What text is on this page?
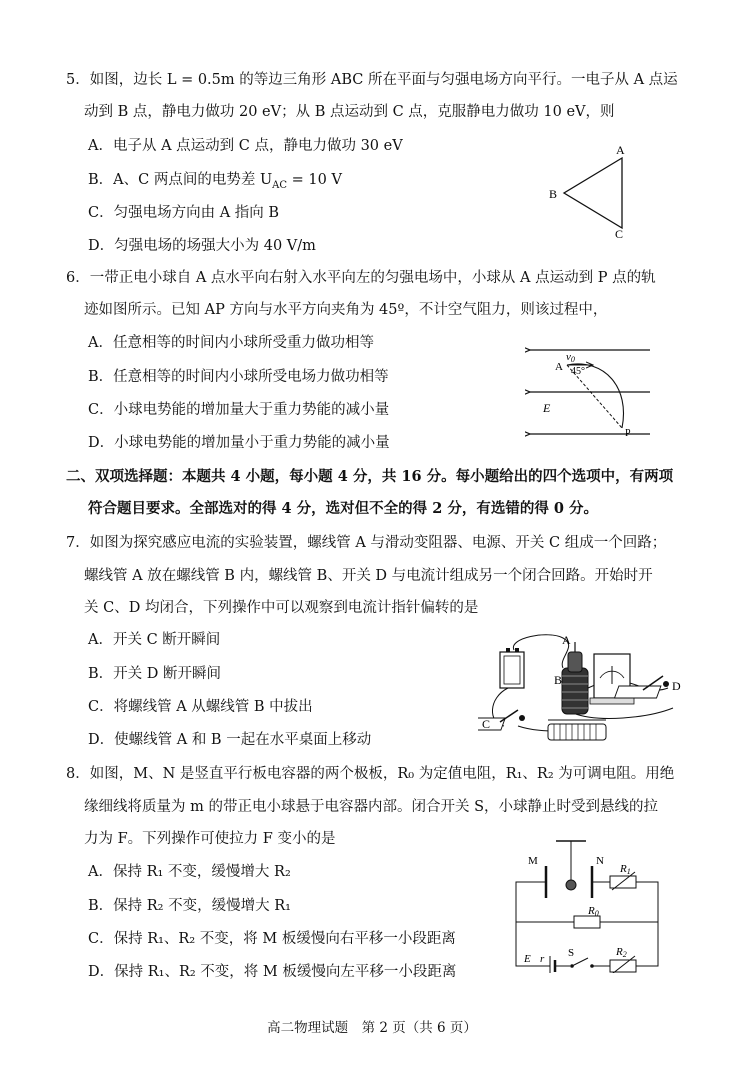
5．如图，边长 L = 0.5m 的等边三角形 ABC 所在平面与匀强电场方向平行。一电子从 A 点运
动到 B 点，静电力做功 20 eV；从 B 点运动到 C 点，克服静电力做功 10 eV，则
A．电子从 A 点运动到 C 点，静电力做功 30 eV
B．A、C 两点间的电势差 $U_{AC} = 10$ V
C．匀强电场方向由 A 指向 B
D．匀强电场的场强大小为 40 V/m
A
B
C
6．一带正电小球自 A 点水平向右射入水平向左的匀强电场中，小球从 A 点运动到 P 点的轨
迹如图所示。已知 AP 方向与水平方向夹角为 45º，不计空气阻力，则该过程中，
A．任意相等的时间内小球所受重力做功相等
B．任意相等的时间内小球所受电场力做功相等
C．小球电势能的增加量大于重力势能的减小量
D．小球电势能的增加量小于重力势能的减小量
v0
A 45°
E
P
二、双项选择题：本题共 4 小题，每小题 4 分，共 16 分。每小题给出的四个选项中，有两项
符合题目要求。全部选对的得 4 分，选对但不全的得 2 分，有选错的得 0 分。
7．如图为探究感应电流的实验装置，螺线管 A 与滑动变阻器、电源、开关 C 组成一个回路；
螺线管 A 放在螺线管 B 内，螺线管 B、开关 D 与电流计组成另一个闭合回路。开始时开
关 C、D 均闭合，下列操作中可以观察到电流计指针偏转的是
A．开关 C 断开瞬间
B．开关 D 断开瞬间
C．将螺线管 A 从螺线管 B 中拔出
D．使螺线管 A 和 B 一起在水平桌面上移动
A
B
C
D
8．如图，M、N 是竖直平行板电容器的两个极板，R₀ 为定值电阻，R₁、R₂ 为可调电阻。用绝
缘细线将质量为 m 的带正电小球悬于电容器内部。闭合开关 S，小球静止时受到悬线的拉
力为 F。下列操作可使拉力 F 变小的是
A．保持 R₁ 不变，缓慢增大 R₂
B．保持 R₂ 不变，缓慢增大 R₁
C．保持 R₁、R₂ 不变，将 M 板缓慢向右平移一小段距离
D．保持 R₁、R₂ 不变，将 M 板缓慢向左平移一小段距离
M	N
R1
R0
E r S	R2
高二物理试题　第 2 页（共 6 页）
